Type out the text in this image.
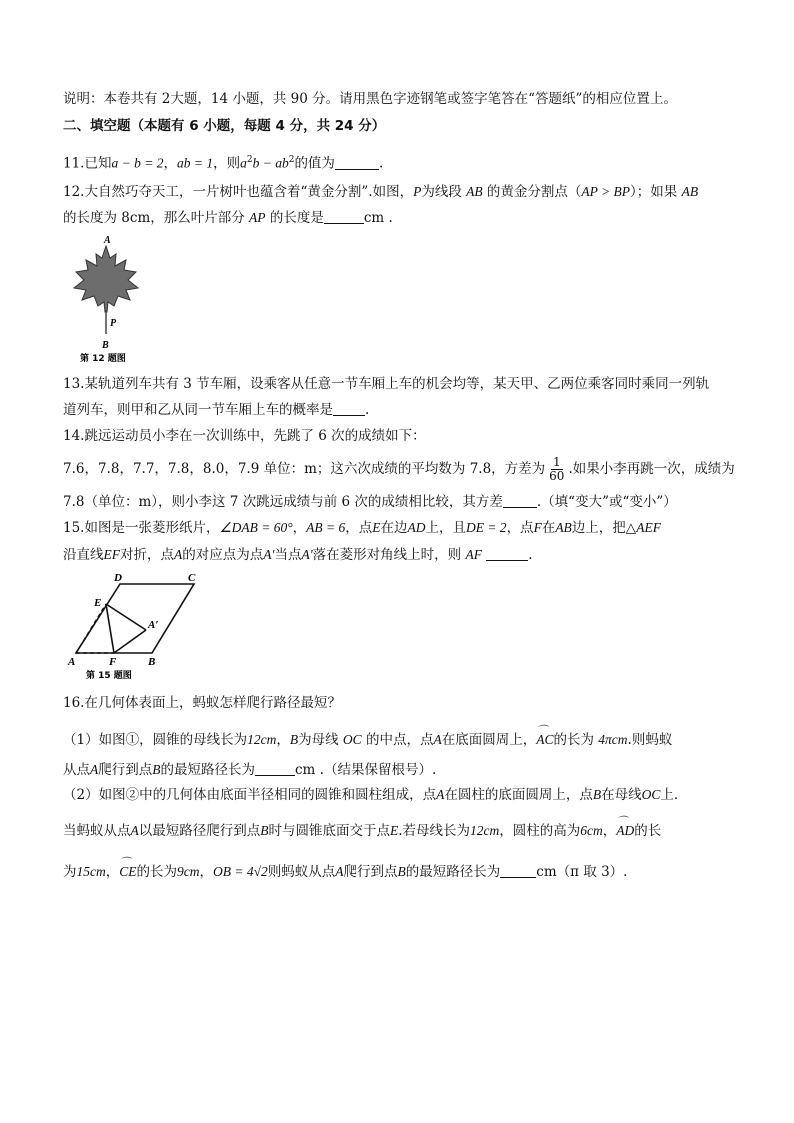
说明：本卷共有 2大题，14 小题，共 90 分。请用黑色字迹钢笔或签字笔答在“答题纸”的相应位置上。
二、填空题（本题有 6 小题，每题 4 分，共 24 分）
11.已知a − b = 2，ab = 1，则$a^2b - ab^2$的值为	.
12.大自然巧夺天工，一片树叶也蕴含着“黄金分割”.如图，P为线段 AB 的黄金分割点（AP > BP）；如果 AB
的长度为 8cm，那么叶片部分 AP 的长度是	cm .
A
P
B
第 12 题图
13.某轨道列车共有 3 节车厢，设乘客从任意一节车厢上车的机会均等，某天甲、乙两位乘客同时乘同一列轨
道列车，则甲和乙从同一节车厢上车的概率是 .
14.跳远运动员小李在一次训练中，先跳了 6 次的成绩如下：
7.6，7.8，7.7，7.8，8.0，7.9 单位：m；这六次成绩的平均数为 7.8，方差为 $\frac{1}{60}$ .如果小李再跳一次，成绩为
7.8（单位：m），则小李这 7 次跳远成绩与前 6 次的成绩相比较，其方差	.（填“变大”或“变小”）
15.如图是一张菱形纸片，∠DAB = 60°，AB = 6，点E在边AD上，且DE = 2，点F在AB边上，把△AEF
沿直线EF对折，点A的对应点为点A′当点A′落在菱形对角线上时，则 AF	.
D	C
E
A′
A	F	B
第 15 题图
16.在几何体表面上，蚂蚁怎样爬行路径最短？
（1）如图①，圆锥的母线长为12cm，B为母线 OC 的中点，点A在底面圆周上，⌒ AC的长为 4πcm.则蚂蚁
从点A爬行到点B的最短路径长为	cm .（结果保留根号）.
（2）如图②中的几何体由底面半径相同的圆锥和圆柱组成，点A在圆柱的底面圆周上，点B在母线OC上.
当蚂蚁从点A以最短路径爬行到点B时与圆锥底面交于点E.若母线长为12cm，圆柱的高为6cm，⌒ AD的长
为15cm，⌒ CE的长为9cm，OB = 4√2则蚂蚁从点A爬行到点B的最短路径长为	cm（π 取 3）.
